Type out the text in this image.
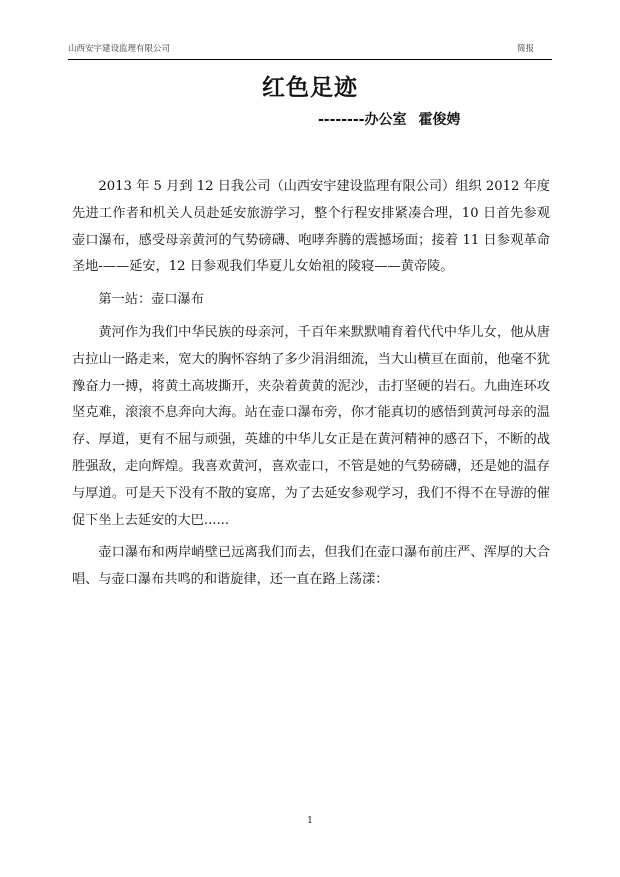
山西安宇建设监理有限公司	简报
红色足迹
--------办公室 霍俊娉

2013 年 5 月到 12 日我公司（山西安宇建设监理有限公司）组织 2012 年度先进工作者和机关人员赴延安旅游学习，整个行程安排紧凑合理，10 日首先参观壶口瀑布，感受母亲黄河的气势磅礴、咆哮奔腾的震撼场面；接着 11 日参观革命圣地-——延安，12 日参观我们华夏儿女始祖的陵寝——黄帝陵。

第一站：壶口瀑布

黄河作为我们中华民族的母亲河，千百年来默默哺育着代代中华儿女，他从唐古拉山一路走来，宽大的胸怀容纳了多少涓涓细流，当大山横亘在面前，他毫不犹豫奋力一搏，将黄土高坡撕开，夹杂着黄黄的泥沙，击打坚硬的岩石。九曲连环攻坚克难，滚滚不息奔向大海。站在壶口瀑布旁，你才能真切的感悟到黄河母亲的温存、厚道，更有不屈与顽强，英雄的中华儿女正是在黄河精神的感召下，不断的战胜强敌，走向辉煌。我喜欢黄河，喜欢壶口，不管是她的气势磅礴，还是她的温存与厚道。可是天下没有不散的宴席，为了去延安参观学习，我们不得不在导游的催促下坐上去延安的大巴......

壶口瀑布和两岸峭壁已远离我们而去，但我们在壶口瀑布前庄严、浑厚的大合唱、与壶口瀑布共鸣的和谐旋律，还一直在路上荡漾：

1
